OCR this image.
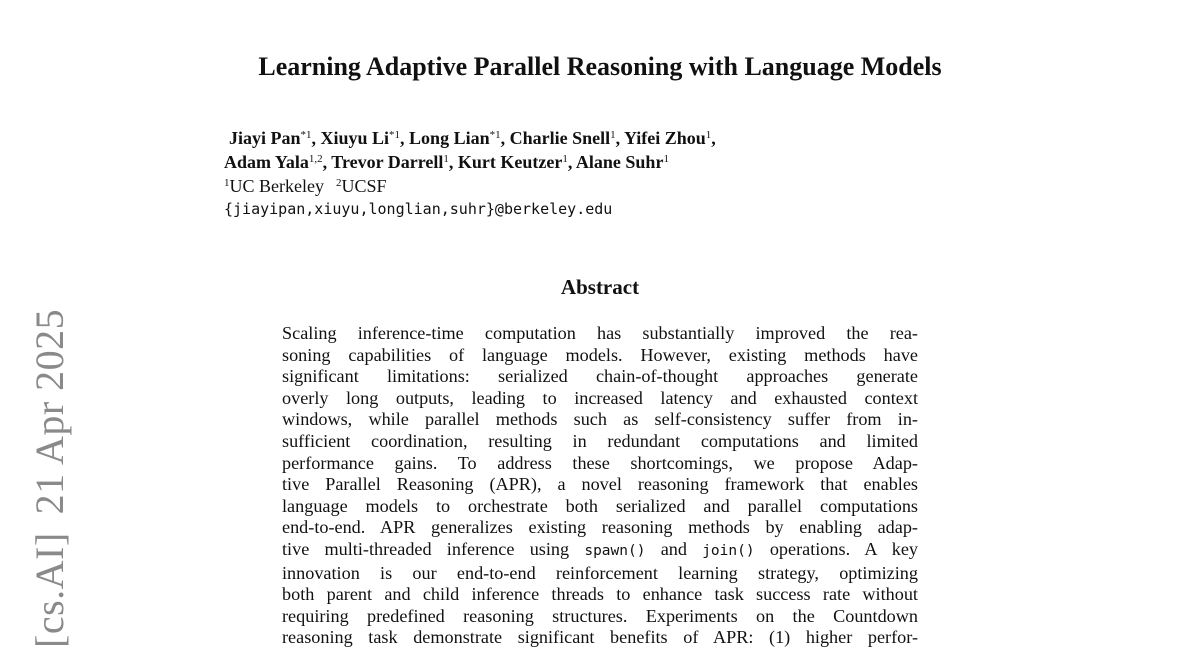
[cs.AI]21 Apr 2025
Learning Adaptive Parallel Reasoning with Language Models
Jiayi Pan$^{*1}$, Xiuyu Li$^{*1}$, Long Lian$^{*1}$, Charlie Snell$^1$, Yifei Zhou$^1$,
Adam Yala$^{1,2}$, Trevor Darrell$^1$, Kurt Keutzer$^1$, Alane Suhr$^1$
$^1$UC Berkeley $^2$UCSF
{jiayipan,xiuyu,longlian,suhr}@berkeley.edu
Abstract
Scaling inference-time computation has substantially improved the rea-
soning capabilities of language models. However, existing methods have
significant limitations: serialized chain-of-thought approaches generate
overly long outputs, leading to increased latency and exhausted context
windows, while parallel methods such as self-consistency suffer from in-
sufficient coordination, resulting in redundant computations and limited
performance gains. To address these shortcomings, we propose Adap-
tive Parallel Reasoning (APR), a novel reasoning framework that enables
language models to orchestrate both serialized and parallel computations
end-to-end. APR generalizes existing reasoning methods by enabling adap-
tive multi-threaded inference using spawn() and join() operations. A key
innovation is our end-to-end reinforcement learning strategy, optimizing
both parent and child inference threads to enhance task success rate without
requiring predefined reasoning structures. Experiments on the Countdown
reasoning task demonstrate significant benefits of APR: (1) higher perfor-
